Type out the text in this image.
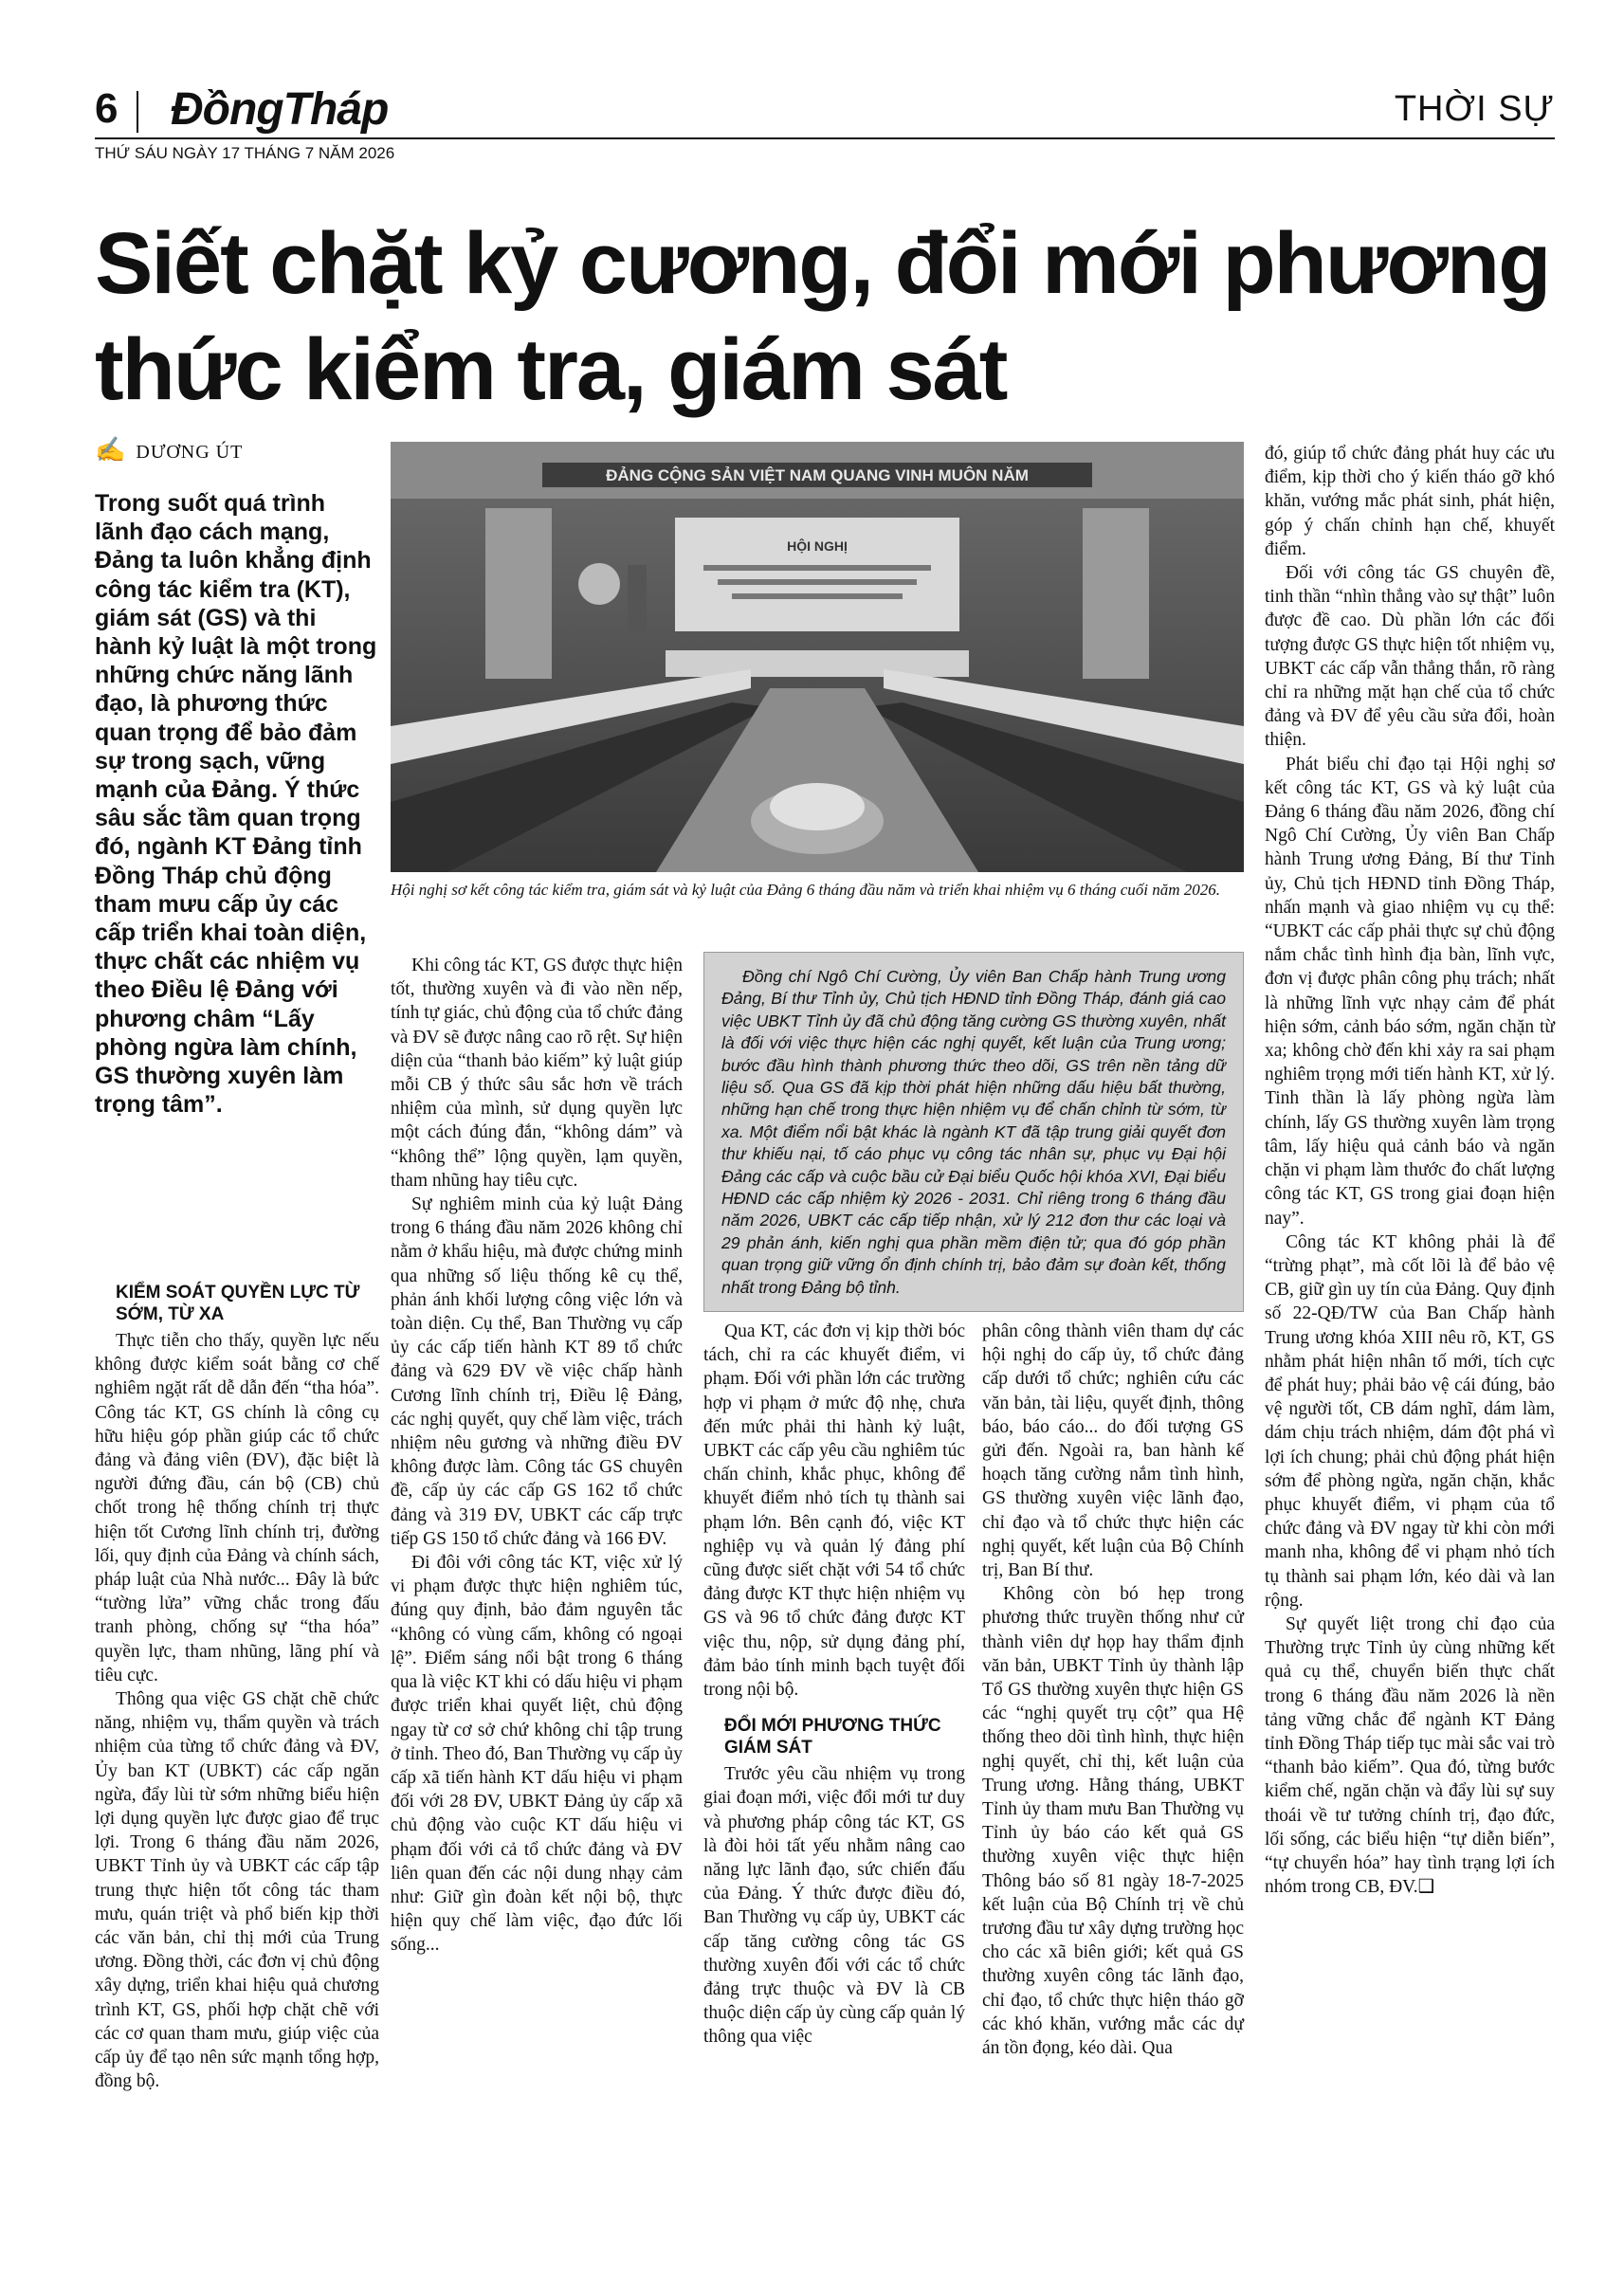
6 ĐồngTháp	THỜI SỰ
THỨ SÁU NGÀY 17 THÁNG 7 NĂM 2026
Siết chặt kỷ cương, đổi mới phương thức kiểm tra, giám sát
✍ DƯƠNG ÚT
Trong suốt quá trình lãnh đạo cách mạng, Đảng ta luôn khẳng định công tác kiểm tra (KT), giám sát (GS) và thi hành kỷ luật là một trong những chức năng lãnh đạo, là phương thức quan trọng để bảo đảm sự trong sạch, vững mạnh của Đảng. Ý thức sâu sắc tầm quan trọng đó, ngành KT Đảng tỉnh Đồng Tháp chủ động tham mưu cấp ủy các cấp triển khai toàn diện, thực chất các nhiệm vụ theo Điều lệ Đảng với phương châm “Lấy phòng ngừa làm chính, GS thường xuyên làm trọng tâm”.
KIỂM SOÁT QUYỀN LỰC TỪ SỚM, TỪ XA

Thực tiễn cho thấy, quyền lực nếu không được kiểm soát bằng cơ chế nghiêm ngặt rất dễ dẫn đến “tha hóa”. Công tác KT, GS chính là công cụ hữu hiệu góp phần giúp các tổ chức đảng và đảng viên (ĐV), đặc biệt là người đứng đầu, cán bộ (CB) chủ chốt trong hệ thống chính trị thực hiện tốt Cương lĩnh chính trị, đường lối, quy định của Đảng và chính sách, pháp luật của Nhà nước... Đây là bức “tường lửa” vững chắc trong đấu tranh phòng, chống sự “tha hóa” quyền lực, tham nhũng, lãng phí và tiêu cực.

Thông qua việc GS chặt chẽ chức năng, nhiệm vụ, thẩm quyền và trách nhiệm của từng tổ chức đảng và ĐV, Ủy ban KT (UBKT) các cấp ngăn ngừa, đẩy lùi từ sớm những biểu hiện lợi dụng quyền lực được giao để trục lợi. Trong 6 tháng đầu năm 2026, UBKT Tỉnh ủy và UBKT các cấp tập trung thực hiện tốt công tác tham mưu, quán triệt và phổ biến kịp thời các văn bản, chỉ thị mới của Trung ương. Đồng thời, các đơn vị chủ động xây dựng, triển khai hiệu quả chương trình KT, GS, phối hợp chặt chẽ với các cơ quan tham mưu, giúp việc của cấp ủy để tạo nên sức mạnh tổng hợp, đồng bộ.

ĐẢNG CỘNG SẢN VIỆT NAM QUANG VINH MUÔN NĂM
HỘI NGHỊ
Hội nghị sơ kết công tác kiểm tra, giám sát và kỷ luật của Đảng 6 tháng đầu năm và triển khai nhiệm vụ 6 tháng cuối năm 2026.

Khi công tác KT, GS được thực hiện tốt, thường xuyên và đi vào nền nếp, tính tự giác, chủ động của tổ chức đảng và ĐV sẽ được nâng cao rõ rệt. Sự hiện diện của “thanh bảo kiếm” kỷ luật giúp mỗi CB ý thức sâu sắc hơn về trách nhiệm của mình, sử dụng quyền lực một cách đúng đắn, “không dám” và “không thể” lộng quyền, lạm quyền, tham nhũng hay tiêu cực.

Sự nghiêm minh của kỷ luật Đảng trong 6 tháng đầu năm 2026 không chỉ nằm ở khẩu hiệu, mà được chứng minh qua những số liệu thống kê cụ thể, phản ánh khối lượng công việc lớn và toàn diện. Cụ thể, Ban Thường vụ cấp ủy các cấp tiến hành KT 89 tổ chức đảng và 629 ĐV về việc chấp hành Cương lĩnh chính trị, Điều lệ Đảng, các nghị quyết, quy chế làm việc, trách nhiệm nêu gương và những điều ĐV không được làm. Công tác GS chuyên đề, cấp ủy các cấp GS 162 tổ chức đảng và 319 ĐV, UBKT các cấp trực tiếp GS 150 tổ chức đảng và 166 ĐV.

Đi đôi với công tác KT, việc xử lý vi phạm được thực hiện nghiêm túc, đúng quy định, bảo đảm nguyên tắc “không có vùng cấm, không có ngoại lệ”. Điểm sáng nổi bật trong 6 tháng qua là việc KT khi có dấu hiệu vi phạm được triển khai quyết liệt, chủ động ngay từ cơ sở chứ không chỉ tập trung ở tỉnh. Theo đó, Ban Thường vụ cấp ủy cấp xã tiến hành KT dấu hiệu vi phạm đối với 28 ĐV, UBKT Đảng ủy cấp xã chủ động vào cuộc KT dấu hiệu vi phạm đối với cả tổ chức đảng và ĐV liên quan đến các nội dung nhạy cảm như: Giữ gìn đoàn kết nội bộ, thực hiện quy chế làm việc, đạo đức lối sống...

Đồng chí Ngô Chí Cường, Ủy viên Ban Chấp hành Trung ương Đảng, Bí thư Tỉnh ủy, Chủ tịch HĐND tỉnh Đồng Tháp, đánh giá cao việc UBKT Tỉnh ủy đã chủ động tăng cường GS thường xuyên, nhất là đối với việc thực hiện các nghị quyết, kết luận của Trung ương; bước đầu hình thành phương thức theo dõi, GS trên nền tảng dữ liệu số. Qua GS đã kịp thời phát hiện những dấu hiệu bất thường, những hạn chế trong thực hiện nhiệm vụ để chấn chỉnh từ sớm, từ xa. Một điểm nổi bật khác là ngành KT đã tập trung giải quyết đơn thư khiếu nại, tố cáo phục vụ công tác nhân sự, phục vụ Đại hội Đảng các cấp và cuộc bầu cử Đại biểu Quốc hội khóa XVI, Đại biểu HĐND các cấp nhiệm kỳ 2026 - 2031. Chỉ riêng trong 6 tháng đầu năm 2026, UBKT các cấp tiếp nhận, xử lý 212 đơn thư các loại và 29 phản ánh, kiến nghị qua phần mềm điện tử; qua đó góp phần quan trọng giữ vững ổn định chính trị, bảo đảm sự đoàn kết, thống nhất trong Đảng bộ tỉnh.

Qua KT, các đơn vị kịp thời bóc tách, chỉ ra các khuyết điểm, vi phạm. Đối với phần lớn các trường hợp vi phạm ở mức độ nhẹ, chưa đến mức phải thi hành kỷ luật, UBKT các cấp yêu cầu nghiêm túc chấn chỉnh, khắc phục, không để khuyết điểm nhỏ tích tụ thành sai phạm lớn. Bên cạnh đó, việc KT nghiệp vụ và quản lý đảng phí cũng được siết chặt với 54 tổ chức đảng được KT thực hiện nhiệm vụ GS và 96 tổ chức đảng được KT việc thu, nộp, sử dụng đảng phí, đảm bảo tính minh bạch tuyệt đối trong nội bộ.

ĐỔI MỚI PHƯƠNG THỨC GIÁM SÁT

Trước yêu cầu nhiệm vụ trong giai đoạn mới, việc đổi mới tư duy và phương pháp công tác KT, GS là đòi hỏi tất yếu nhằm nâng cao năng lực lãnh đạo, sức chiến đấu của Đảng. Ý thức được điều đó, Ban Thường vụ cấp ủy, UBKT các cấp tăng cường công tác GS thường xuyên đối với các tổ chức đảng trực thuộc và ĐV là CB thuộc diện cấp ủy cùng cấp quản lý thông qua việc

phân công thành viên tham dự các hội nghị do cấp ủy, tổ chức đảng cấp dưới tổ chức; nghiên cứu các văn bản, tài liệu, quyết định, thông báo, báo cáo... do đối tượng GS gửi đến. Ngoài ra, ban hành kế hoạch tăng cường nắm tình hình, GS thường xuyên việc lãnh đạo, chỉ đạo và tổ chức thực hiện các nghị quyết, kết luận của Bộ Chính trị, Ban Bí thư.

Không còn bó hẹp trong phương thức truyền thống như cử thành viên dự họp hay thẩm định văn bản, UBKT Tỉnh ủy thành lập Tổ GS thường xuyên thực hiện GS các “nghị quyết trụ cột” qua Hệ thống theo dõi tình hình, thực hiện nghị quyết, chỉ thị, kết luận của Trung ương. Hằng tháng, UBKT Tỉnh ủy tham mưu Ban Thường vụ Tỉnh ủy báo cáo kết quả GS thường xuyên việc thực hiện Thông báo số 81 ngày 18-7-2025 kết luận của Bộ Chính trị về chủ trương đầu tư xây dựng trường học cho các xã biên giới; kết quả GS thường xuyên công tác lãnh đạo, chỉ đạo, tổ chức thực hiện tháo gỡ các khó khăn, vướng mắc các dự án tồn đọng, kéo dài. Qua

đó, giúp tổ chức đảng phát huy các ưu điểm, kịp thời cho ý kiến tháo gỡ khó khăn, vướng mắc phát sinh, phát hiện, góp ý chấn chỉnh hạn chế, khuyết điểm.

Đối với công tác GS chuyên đề, tinh thần “nhìn thẳng vào sự thật” luôn được đề cao. Dù phần lớn các đối tượng được GS thực hiện tốt nhiệm vụ, UBKT các cấp vẫn thẳng thắn, rõ ràng chỉ ra những mặt hạn chế của tổ chức đảng và ĐV để yêu cầu sửa đổi, hoàn thiện.

Phát biểu chỉ đạo tại Hội nghị sơ kết công tác KT, GS và kỷ luật của Đảng 6 tháng đầu năm 2026, đồng chí Ngô Chí Cường, Ủy viên Ban Chấp hành Trung ương Đảng, Bí thư Tỉnh ủy, Chủ tịch HĐND tỉnh Đồng Tháp, nhấn mạnh và giao nhiệm vụ cụ thể: “UBKT các cấp phải thực sự chủ động nắm chắc tình hình địa bàn, lĩnh vực, đơn vị được phân công phụ trách; nhất là những lĩnh vực nhạy cảm để phát hiện sớm, cảnh báo sớm, ngăn chặn từ xa; không chờ đến khi xảy ra sai phạm nghiêm trọng mới tiến hành KT, xử lý. Tinh thần là lấy phòng ngừa làm chính, lấy GS thường xuyên làm trọng tâm, lấy hiệu quả cảnh báo và ngăn chặn vi phạm làm thước đo chất lượng công tác KT, GS trong giai đoạn hiện nay”.

Công tác KT không phải là để “trừng phạt”, mà cốt lõi là để bảo vệ CB, giữ gìn uy tín của Đảng. Quy định số 22-QĐ/TW của Ban Chấp hành Trung ương khóa XIII nêu rõ, KT, GS nhằm phát hiện nhân tố mới, tích cực để phát huy; phải bảo vệ cái đúng, bảo vệ người tốt, CB dám nghĩ, dám làm, dám chịu trách nhiệm, dám đột phá vì lợi ích chung; phải chủ động phát hiện sớm để phòng ngừa, ngăn chặn, khắc phục khuyết điểm, vi phạm của tổ chức đảng và ĐV ngay từ khi còn mới manh nha, không để vi phạm nhỏ tích tụ thành sai phạm lớn, kéo dài và lan rộng.

Sự quyết liệt trong chỉ đạo của Thường trực Tỉnh ủy cùng những kết quả cụ thể, chuyển biến thực chất trong 6 tháng đầu năm 2026 là nền tảng vững chắc để ngành KT Đảng tỉnh Đồng Tháp tiếp tục mài sắc vai trò “thanh bảo kiếm”. Qua đó, từng bước kiểm chế, ngăn chặn và đẩy lùi sự suy thoái về tư tưởng chính trị, đạo đức, lối sống, các biểu hiện “tự diễn biến”, “tự chuyển hóa” hay tình trạng lợi ích nhóm trong CB, ĐV.❑
